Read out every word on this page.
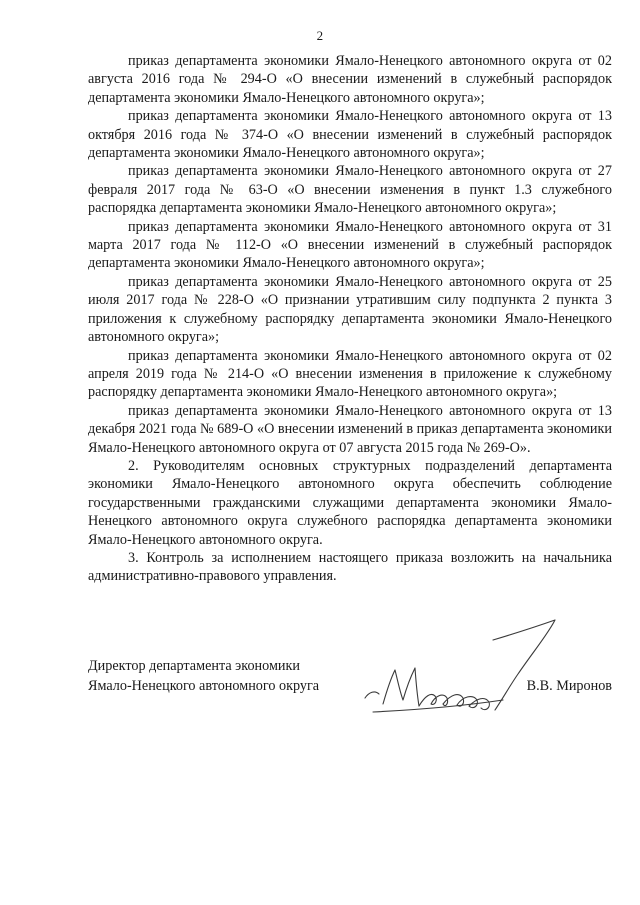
2

приказ департамента экономики Ямало-Ненецкого автономного округа от 02 августа 2016 года № 294-О «О внесении изменений в служебный распорядок департамента экономики Ямало-Ненецкого автономного округа»;

приказ департамента экономики Ямало-Ненецкого автономного округа от 13 октября 2016 года № 374-О «О внесении изменений в служебный распорядок департамента экономики Ямало-Ненецкого автономного округа»;

приказ департамента экономики Ямало-Ненецкого автономного округа от 27 февраля 2017 года № 63-О «О внесении изменения в пункт 1.3 служебного распорядка департамента экономики Ямало-Ненецкого автономного округа»;

приказ департамента экономики Ямало-Ненецкого автономного округа от 31 марта 2017 года № 112-О «О внесении изменений в служебный распорядок департамента экономики Ямало-Ненецкого автономного округа»;

приказ департамента экономики Ямало-Ненецкого автономного округа от 25 июля 2017 года № 228-О «О признании утратившим силу подпункта 2 пункта 3 приложения к служебному распорядку департамента экономики Ямало-Ненецкого автономного округа»;

приказ департамента экономики Ямало-Ненецкого автономного округа от 02 апреля 2019 года № 214-О «О внесении изменения в приложение к служебному распорядку департамента экономики Ямало-Ненецкого автономного округа»;

приказ департамента экономики Ямало-Ненецкого автономного округа от 13 декабря 2021 года № 689-О «О внесении изменений в приказ департамента экономики Ямало-Ненецкого автономного округа от 07 августа 2015 года № 269-О».

2. Руководителям основных структурных подразделений департамента экономики Ямало-Ненецкого автономного округа обеспечить соблюдение государственными гражданскими служащими департамента экономики Ямало-Ненецкого автономного округа служебного распорядка департамента экономики Ямало-Ненецкого автономного округа.

3. Контроль за исполнением настоящего приказа возложить на начальника административно-правового управления.

Директор департамента экономики
Ямало-Ненецкого автономного округа	В.В. Миронов
